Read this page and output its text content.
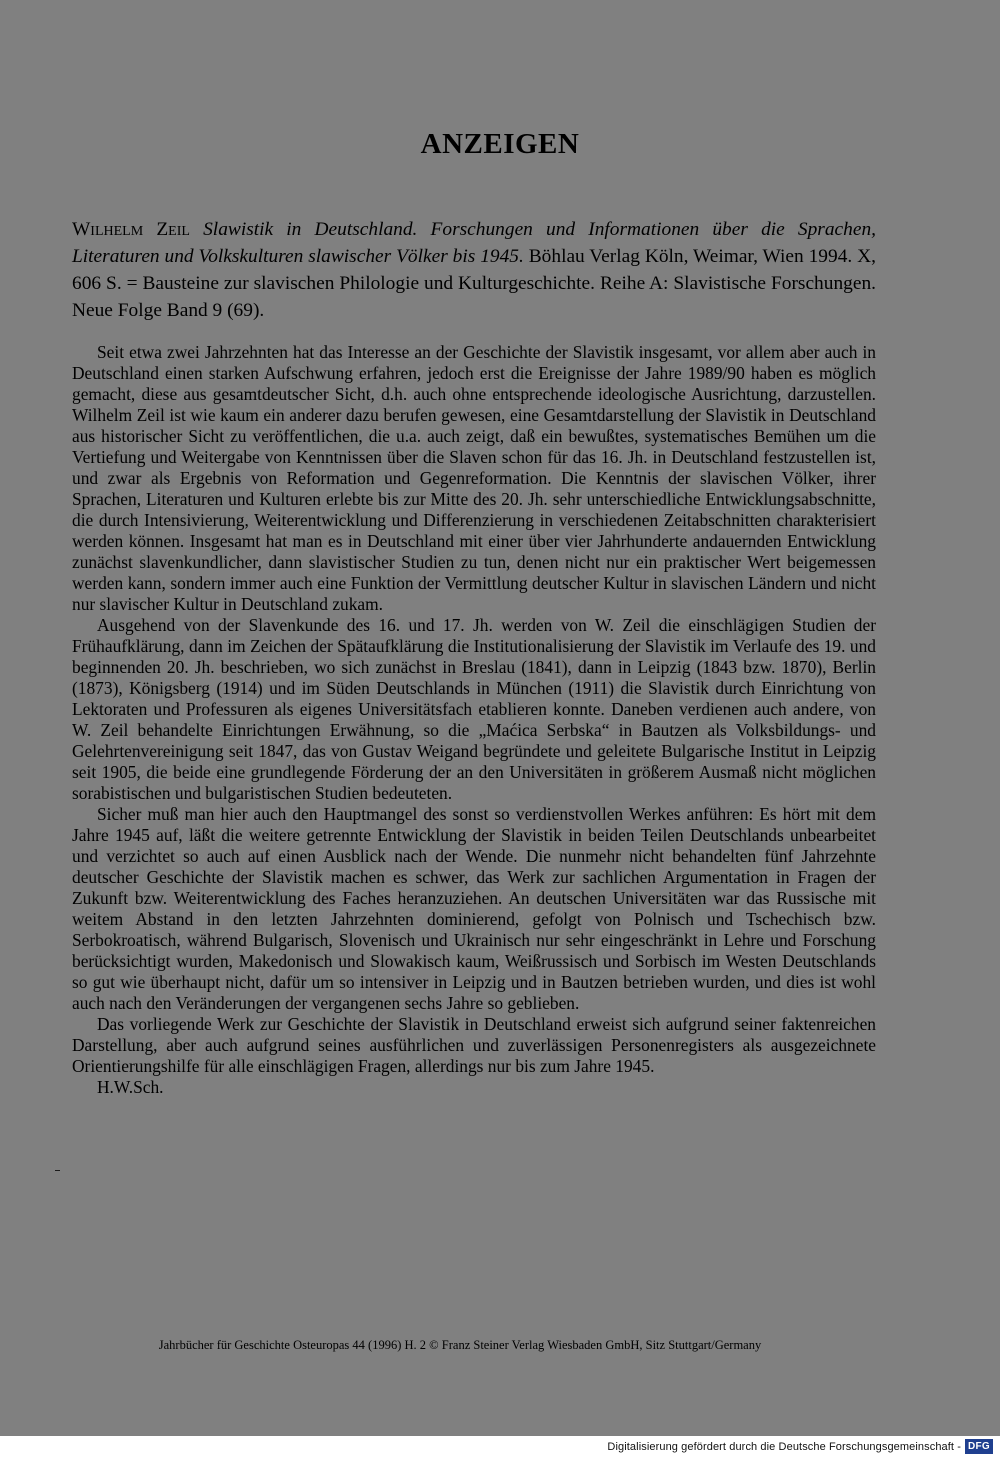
ANZEIGEN

Wilhelm Zeil Slawistik in Deutschland. Forschungen und Informationen über die Sprachen, Literaturen und Volkskulturen slawischer Völker bis 1945. Böhlau Verlag Köln, Weimar, Wien 1994. X, 606 S. = Bausteine zur slavischen Philologie und Kulturgeschichte. Reihe A: Slavistische Forschungen. Neue Folge Band 9 (69).

Seit etwa zwei Jahrzehnten hat das Interesse an der Geschichte der Slavistik insgesamt, vor allem aber auch in Deutschland einen starken Aufschwung erfahren, jedoch erst die Ereignisse der Jahre 1989/90 haben es möglich gemacht, diese aus gesamtdeutscher Sicht, d.h. auch ohne entsprechende ideologische Ausrichtung, darzustellen. Wilhelm Zeil ist wie kaum ein anderer dazu berufen gewesen, eine Gesamtdarstellung der Slavistik in Deutschland aus historischer Sicht zu veröffentlichen, die u.a. auch zeigt, daß ein bewußtes, systematisches Bemühen um die Vertiefung und Weitergabe von Kenntnissen über die Slaven schon für das 16. Jh. in Deutschland festzustellen ist, und zwar als Ergebnis von Reformation und Gegenreformation. Die Kenntnis der slavischen Völker, ihrer Sprachen, Literaturen und Kulturen erlebte bis zur Mitte des 20. Jh. sehr unterschiedliche Entwicklungsabschnitte, die durch Intensivierung, Weiterentwicklung und Differenzierung in verschiedenen Zeitabschnitten charakterisiert werden können. Insgesamt hat man es in Deutschland mit einer über vier Jahrhunderte andauernden Entwicklung zunächst slavenkundlicher, dann slavistischer Studien zu tun, denen nicht nur ein praktischer Wert beigemessen werden kann, sondern immer auch eine Funktion der Vermittlung deutscher Kultur in slavischen Ländern und nicht nur slavischer Kultur in Deutschland zukam.

Ausgehend von der Slavenkunde des 16. und 17. Jh. werden von W. Zeil die einschlägigen Studien der Frühaufklärung, dann im Zeichen der Spätaufklärung die Institutionalisierung der Slavistik im Verlaufe des 19. und beginnenden 20. Jh. beschrieben, wo sich zunächst in Breslau (1841), dann in Leipzig (1843 bzw. 1870), Berlin (1873), Königsberg (1914) und im Süden Deutschlands in München (1911) die Slavistik durch Einrichtung von Lektoraten und Professuren als eigenes Universitätsfach etablieren konnte. Daneben verdienen auch andere, von W. Zeil behandelte Einrichtungen Erwähnung, so die „Maćica Serbska“ in Bautzen als Volksbildungs- und Gelehrtenvereinigung seit 1847, das von Gustav Weigand begründete und geleitete Bulgarische Institut in Leipzig seit 1905, die beide eine grundlegende Förderung der an den Universitäten in größerem Ausmaß nicht möglichen sorabistischen und bulgaristischen Studien bedeuteten.

Sicher muß man hier auch den Hauptmangel des sonst so verdienstvollen Werkes anführen: Es hört mit dem Jahre 1945 auf, läßt die weitere getrennte Entwicklung der Slavistik in beiden Teilen Deutschlands unbearbeitet und verzichtet so auch auf einen Ausblick nach der Wende. Die nunmehr nicht behandelten fünf Jahrzehnte deutscher Geschichte der Slavistik machen es schwer, das Werk zur sachlichen Argumentation in Fragen der Zukunft bzw. Weiterentwicklung des Faches heranzuziehen. An deutschen Universitäten war das Russische mit weitem Abstand in den letzten Jahrzehnten dominierend, gefolgt von Polnisch und Tschechisch bzw. Serbokroatisch, während Bulgarisch, Slovenisch und Ukrainisch nur sehr eingeschränkt in Lehre und Forschung berücksichtigt wurden, Makedonisch und Slowakisch kaum, Weißrussisch und Sorbisch im Westen Deutschlands so gut wie überhaupt nicht, dafür um so intensiver in Leipzig und in Bautzen betrieben wurden, und dies ist wohl auch nach den Veränderungen der vergangenen sechs Jahre so geblieben.

Das vorliegende Werk zur Geschichte der Slavistik in Deutschland erweist sich aufgrund seiner faktenreichen Darstellung, aber auch aufgrund seines ausführlichen und zuverlässigen Personenregisters als ausgezeichnete Orientierungshilfe für alle einschlägigen Fragen, allerdings nur bis zum Jahre 1945.

H.W.Sch.

Jahrbücher für Geschichte Osteuropas 44 (1996) H. 2 © Franz Steiner Verlag Wiesbaden GmbH, Sitz Stuttgart/Germany

Digitalisierung gefördert durch die Deutsche Forschungsgemeinschaft - DFG
